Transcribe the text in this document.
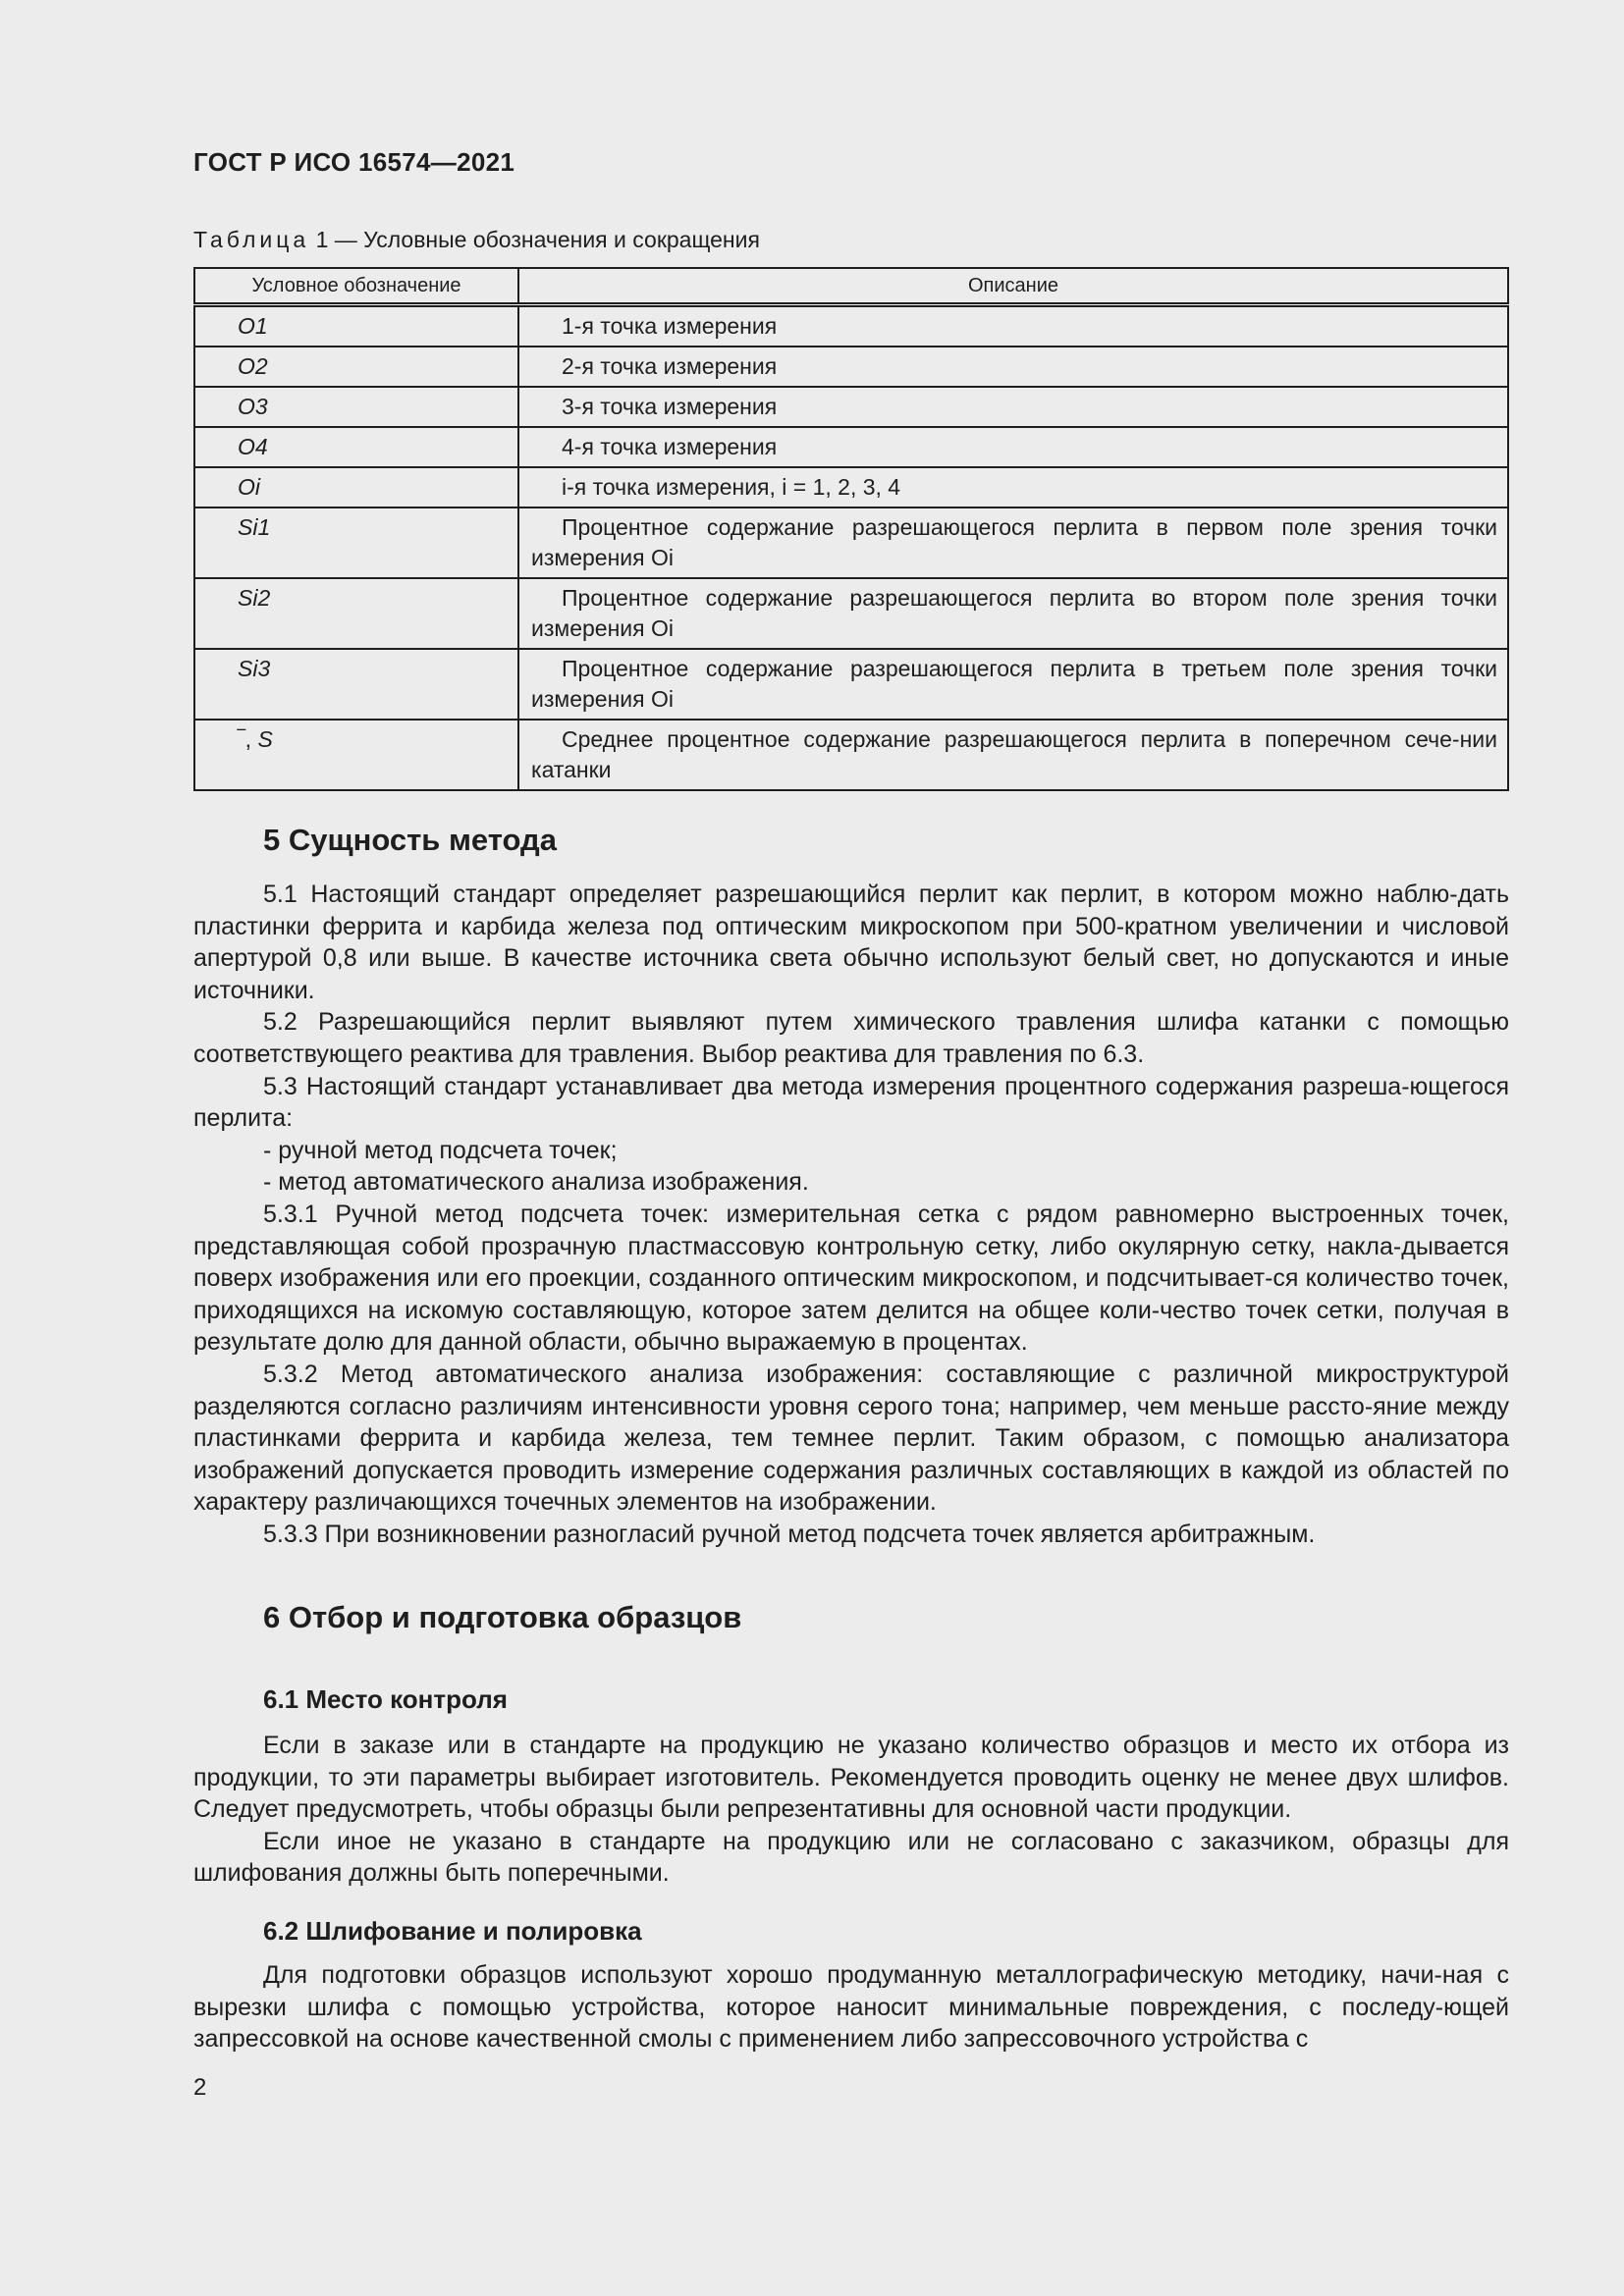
ГОСТ Р ИСО 16574—2021
Таблица 1 — Условные обозначения и сокращения
Условное обозначение	Описание
O1	1-я точка измерения
O2	2-я точка измерения
O3	3-я точка измерения
O4	4-я точка измерения
Oi	i-я точка измерения, i = 1, 2, 3, 4
Si1	Процентное содержание разрешающегося перлита в первом поле зрения точки измерения Oi
Si2	Процентное содержание разрешающегося перлита во втором поле зрения точки измерения Oi
Si3	Процентное содержание разрешающегося перлита в третьем поле зрения точки измерения Oi
‾, S	Среднее процентное содержание разрешающегося перлита в поперечном сече-нии катанки
5 Сущность метода

5.1 Настоящий стандарт определяет разрешающийся перлит как перлит, в котором можно наблю-дать пластинки феррита и карбида железа под оптическим микроскопом при 500-кратном увеличении и числовой апертурой 0,8 или выше. В качестве источника света обычно используют белый свет, но допускаются и иные источники.

5.2 Разрешающийся перлит выявляют путем химического травления шлифа катанки с помощью соответствующего реактива для травления. Выбор реактива для травления по 6.3.

5.3 Настоящий стандарт устанавливает два метода измерения процентного содержания разреша-ющегося перлита:

- ручной метод подсчета точек;

- метод автоматического анализа изображения.

5.3.1 Ручной метод подсчета точек: измерительная сетка с рядом равномерно выстроенных точек, представляющая собой прозрачную пластмассовую контрольную сетку, либо окулярную сетку, накла-дывается поверх изображения или его проекции, созданного оптическим микроскопом, и подсчитывает-ся количество точек, приходящихся на искомую составляющую, которое затем делится на общее коли-чество точек сетки, получая в результате долю для данной области, обычно выражаемую в процентах.

5.3.2 Метод автоматического анализа изображения: составляющие с различной микроструктурой разделяются согласно различиям интенсивности уровня серого тона; например, чем меньше рассто-яние между пластинками феррита и карбида железа, тем темнее перлит. Таким образом, с помощью анализатора изображений допускается проводить измерение содержания различных составляющих в каждой из областей по характеру различающихся точечных элементов на изображении.

5.3.3 При возникновении разногласий ручной метод подсчета точек является арбитражным.

6 Отбор и подготовка образцов
6.1 Место контроля

Если в заказе или в стандарте на продукцию не указано количество образцов и место их отбора из продукции, то эти параметры выбирает изготовитель. Рекомендуется проводить оценку не менее двух шлифов. Следует предусмотреть, чтобы образцы были репрезентативны для основной части продукции.

Если иное не указано в стандарте на продукцию или не согласовано с заказчиком, образцы для шлифования должны быть поперечными.

6.2 Шлифование и полировка

Для подготовки образцов используют хорошо продуманную металлографическую методику, начи-ная с вырезки шлифа с помощью устройства, которое наносит минимальные повреждения, с последу-ющей запрессовкой на основе качественной смолы с применением либо запрессовочного устройства с

2
